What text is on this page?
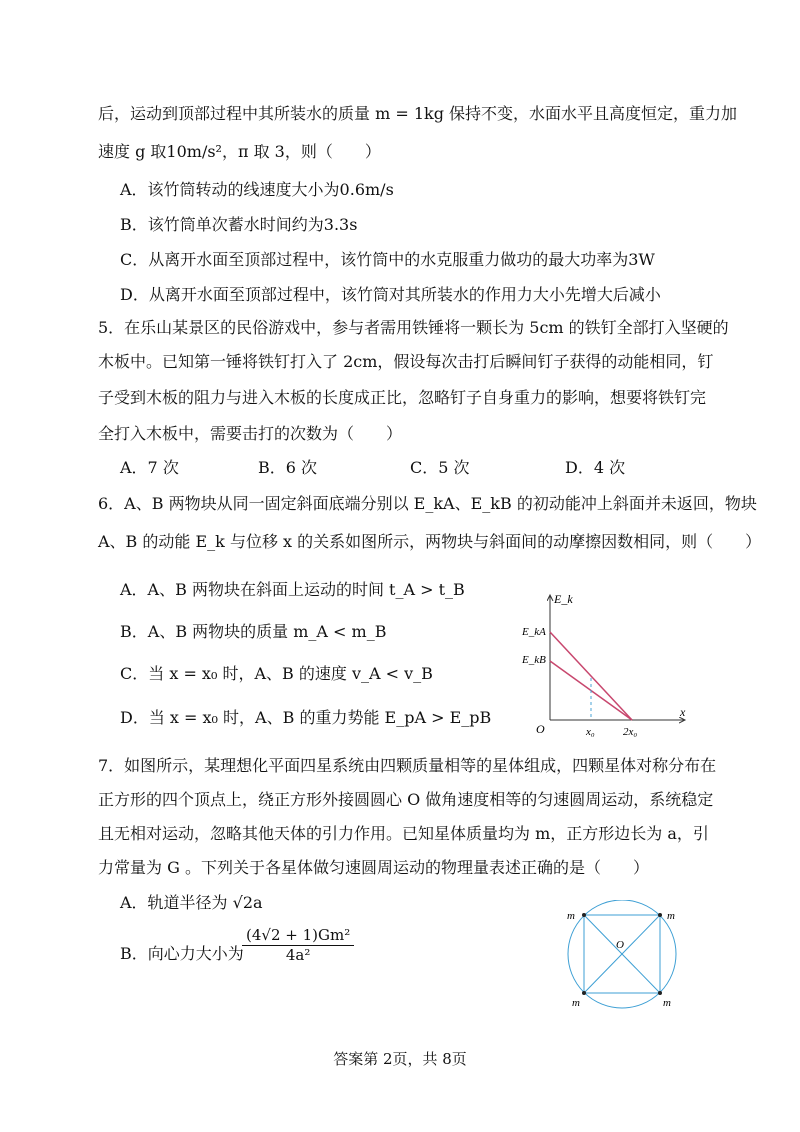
后，运动到顶部过程中其所装水的质量 m = 1kg 保持不变，水面水平且高度恒定，重力加
速度 g 取10m/s²，π 取 3，则（　　）
A．该竹筒转动的线速度大小为0.6m/s
B．该竹筒单次蓄水时间约为3.3s
C．从离开水面至顶部过程中，该竹筒中的水克服重力做功的最大功率为3W
D．从离开水面至顶部过程中，该竹筒对其所装水的作用力大小先增大后减小
5．在乐山某景区的民俗游戏中，参与者需用铁锤将一颗长为 5cm 的铁钉全部打入坚硬的
木板中。已知第一锤将铁钉打入了 2cm，假设每次击打后瞬间钉子获得的动能相同，钉
子受到木板的阻力与进入木板的长度成正比，忽略钉子自身重力的影响，想要将铁钉完
全打入木板中，需要击打的次数为（　　）
A．7 次	B．6 次	C．5 次	D．4 次
6．A、B 两物块从同一固定斜面底端分别以 E_kA、E_kB 的初动能冲上斜面并未返回，物块
A、B 的动能 E_k 与位移 x 的关系如图所示，两物块与斜面间的动摩擦因数相同，则（　　）
A．A、B 两物块在斜面上运动的时间 t_A > t_B
B．A、B 两物块的质量 m_A < m_B
C．当 x = x₀ 时，A、B 的速度 v_A < v_B
D．当 x = x₀ 时，A、B 的重力势能 E_pA > E_pB
E_k
x
O
E_kA
E_kB
x₀	2x₀
7．如图所示，某理想化平面四星系统由四颗质量相等的星体组成，四颗星体对称分布在
正方形的四个顶点上，绕正方形外接圆圆心 O 做角速度相等的匀速圆周运动，系统稳定
且无相对运动，忽略其他天体的引力作用。已知星体质量均为 m，正方形边长为 a，引
力常量为 G 。下列关于各星体做匀速圆周运动的物理量表述正确的是（　　）
A．轨道半径为 √2a
B．向心力大小为
$\frac{\text{(4√2 + 1)Gm²}}{\text{4a²}}$	O
m	m
m	m
答案第 2页，共 8页
